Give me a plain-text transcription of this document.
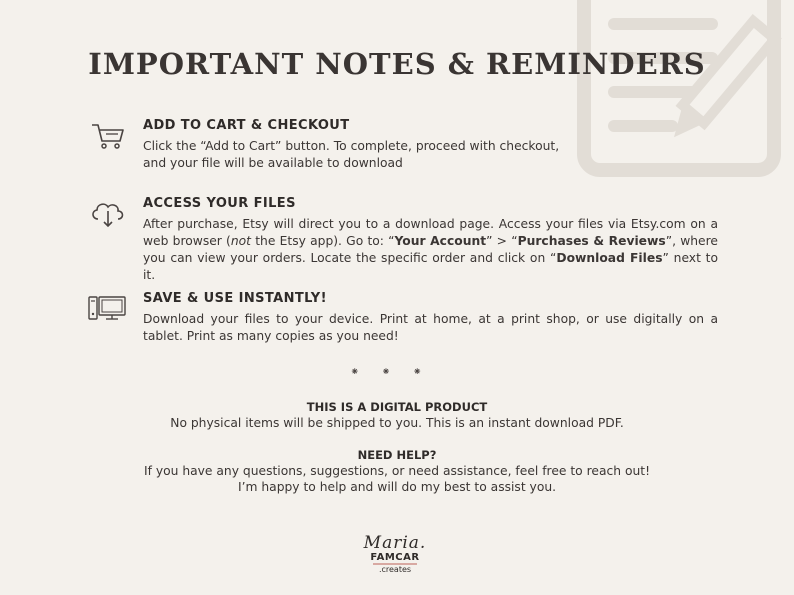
IMPORTANT NOTES & REMINDERS

ADD TO CART & CHECKOUT

Click the “Add to Cart” button. To complete, proceed with checkout, and your file will be available to download

ACCESS YOUR FILES

After purchase, Etsy will direct you to a download page. Access your files via Etsy.com on a web browser (not the Etsy app). Go to: “Your Account” > “Purchases & Reviews”, where you can view your orders. Locate the specific order and click on “Download Files” next to it.

SAVE & USE INSTANTLY!

Download your files to your device. Print at home, at a print shop, or use digitally on a tablet. Print as many copies as you need!

⁕⁕⁕

THIS IS A DIGITAL PRODUCT

No physical items will be shipped to you. This is an instant download PDF.

NEED HELP?

If you have any questions, suggestions, or need assistance, feel free to reach out!

I’m happy to help and will do my best to assist you.

Maria.
FAMCAR
.creates
